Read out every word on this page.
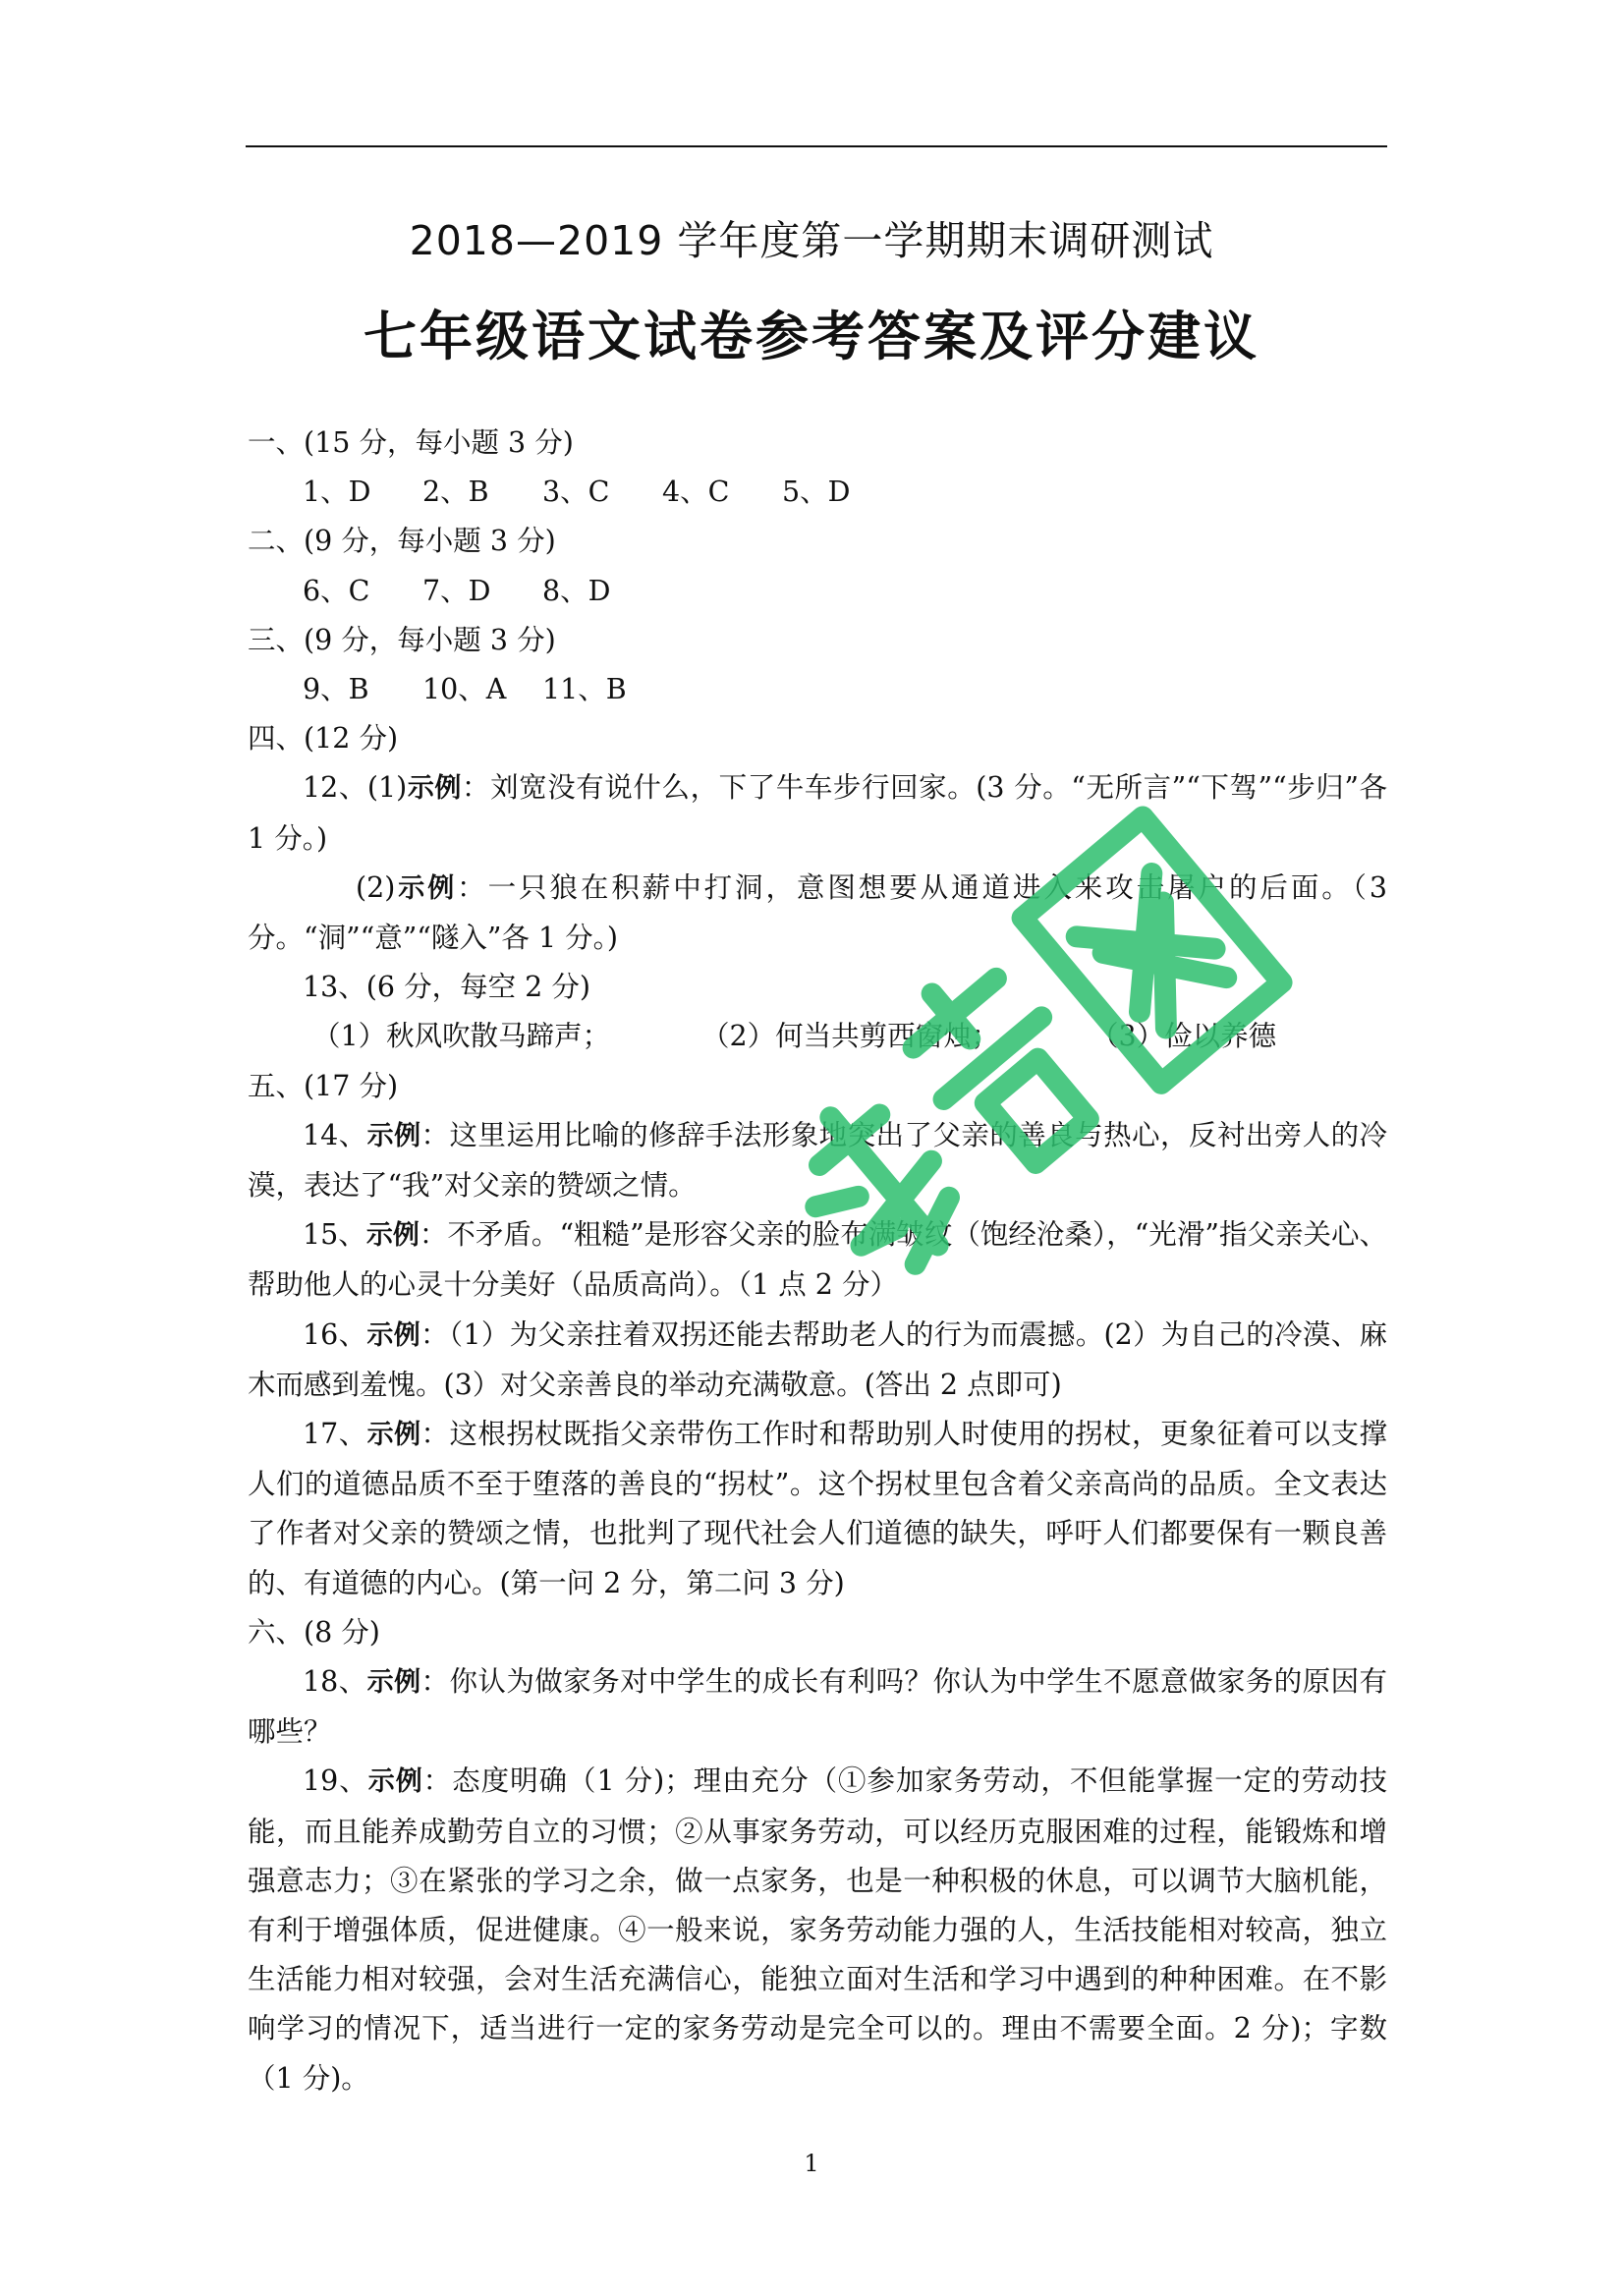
2018—2019 学年度第一学期期末调研测试
七年级语文试卷参考答案及评分建议
一、(15 分，每小题 3 分)
1、D 2、B 3、C 4、C 5、D
二、(9 分，每小题 3 分)
6、C 7、D 8、D
三、(9 分，每小题 3 分)
9、B 10、A 11、B
四、(12 分)
12、(1)示例：刘宽没有说什么，下了牛车步行回家。(3 分。“无所言”“下驾”“步归”各 1 分。)
(2)示例：一只狼在积薪中打洞，意图想要从通道进入来攻击屠户的后面。（3 分。“洞”“意”“隧入”各 1 分。)
13、(6 分，每空 2 分)
（1）秋风吹散马蹄声；	（2）何当共剪西窗烛；	（3）俭以养德
五、(17 分)
14、示例：这里运用比喻的修辞手法形象地突出了父亲的善良与热心，反衬出旁人的冷漠，表达了“我”对父亲的赞颂之情。
15、示例：不矛盾。“粗糙”是形容父亲的脸布满皱纹（饱经沧桑），“光滑”指父亲关心、帮助他人的心灵十分美好（品质高尚）。（1 点 2 分）
16、示例：（1）为父亲拄着双拐还能去帮助老人的行为而震撼。(2）为自己的冷漠、麻木而感到羞愧。(3）对父亲善良的举动充满敬意。(答出 2 点即可)
17、示例：这根拐杖既指父亲带伤工作时和帮助别人时使用的拐杖，更象征着可以支撑人们的道德品质不至于堕落的善良的“拐杖”。这个拐杖里包含着父亲高尚的品质。全文表达了作者对父亲的赞颂之情，也批判了现代社会人们道德的缺失，呼吁人们都要保有一颗良善的、有道德的内心。(第一问 2 分，第二问 3 分)
六、(8 分)
18、示例：你认为做家务对中学生的成长有利吗？你认为中学生不愿意做家务的原因有哪些？
19、示例：态度明确（1 分)；理由充分（①参加家务劳动，不但能掌握一定的劳动技能，而且能养成勤劳自立的习惯；②从事家务劳动，可以经历克服困难的过程，能锻炼和增强意志力；③在紧张的学习之余，做一点家务，也是一种积极的休息，可以调节大脑机能，有利于增强体质，促进健康。④一般来说，家务劳动能力强的人，生活技能相对较高，独立生活能力相对较强，会对生活充满信心，能独立面对生活和学习中遇到的种种困难。在不影响学习的情况下，适当进行一定的家务劳动是完全可以的。理由不需要全面。2 分)；字数（1 分)。
1
